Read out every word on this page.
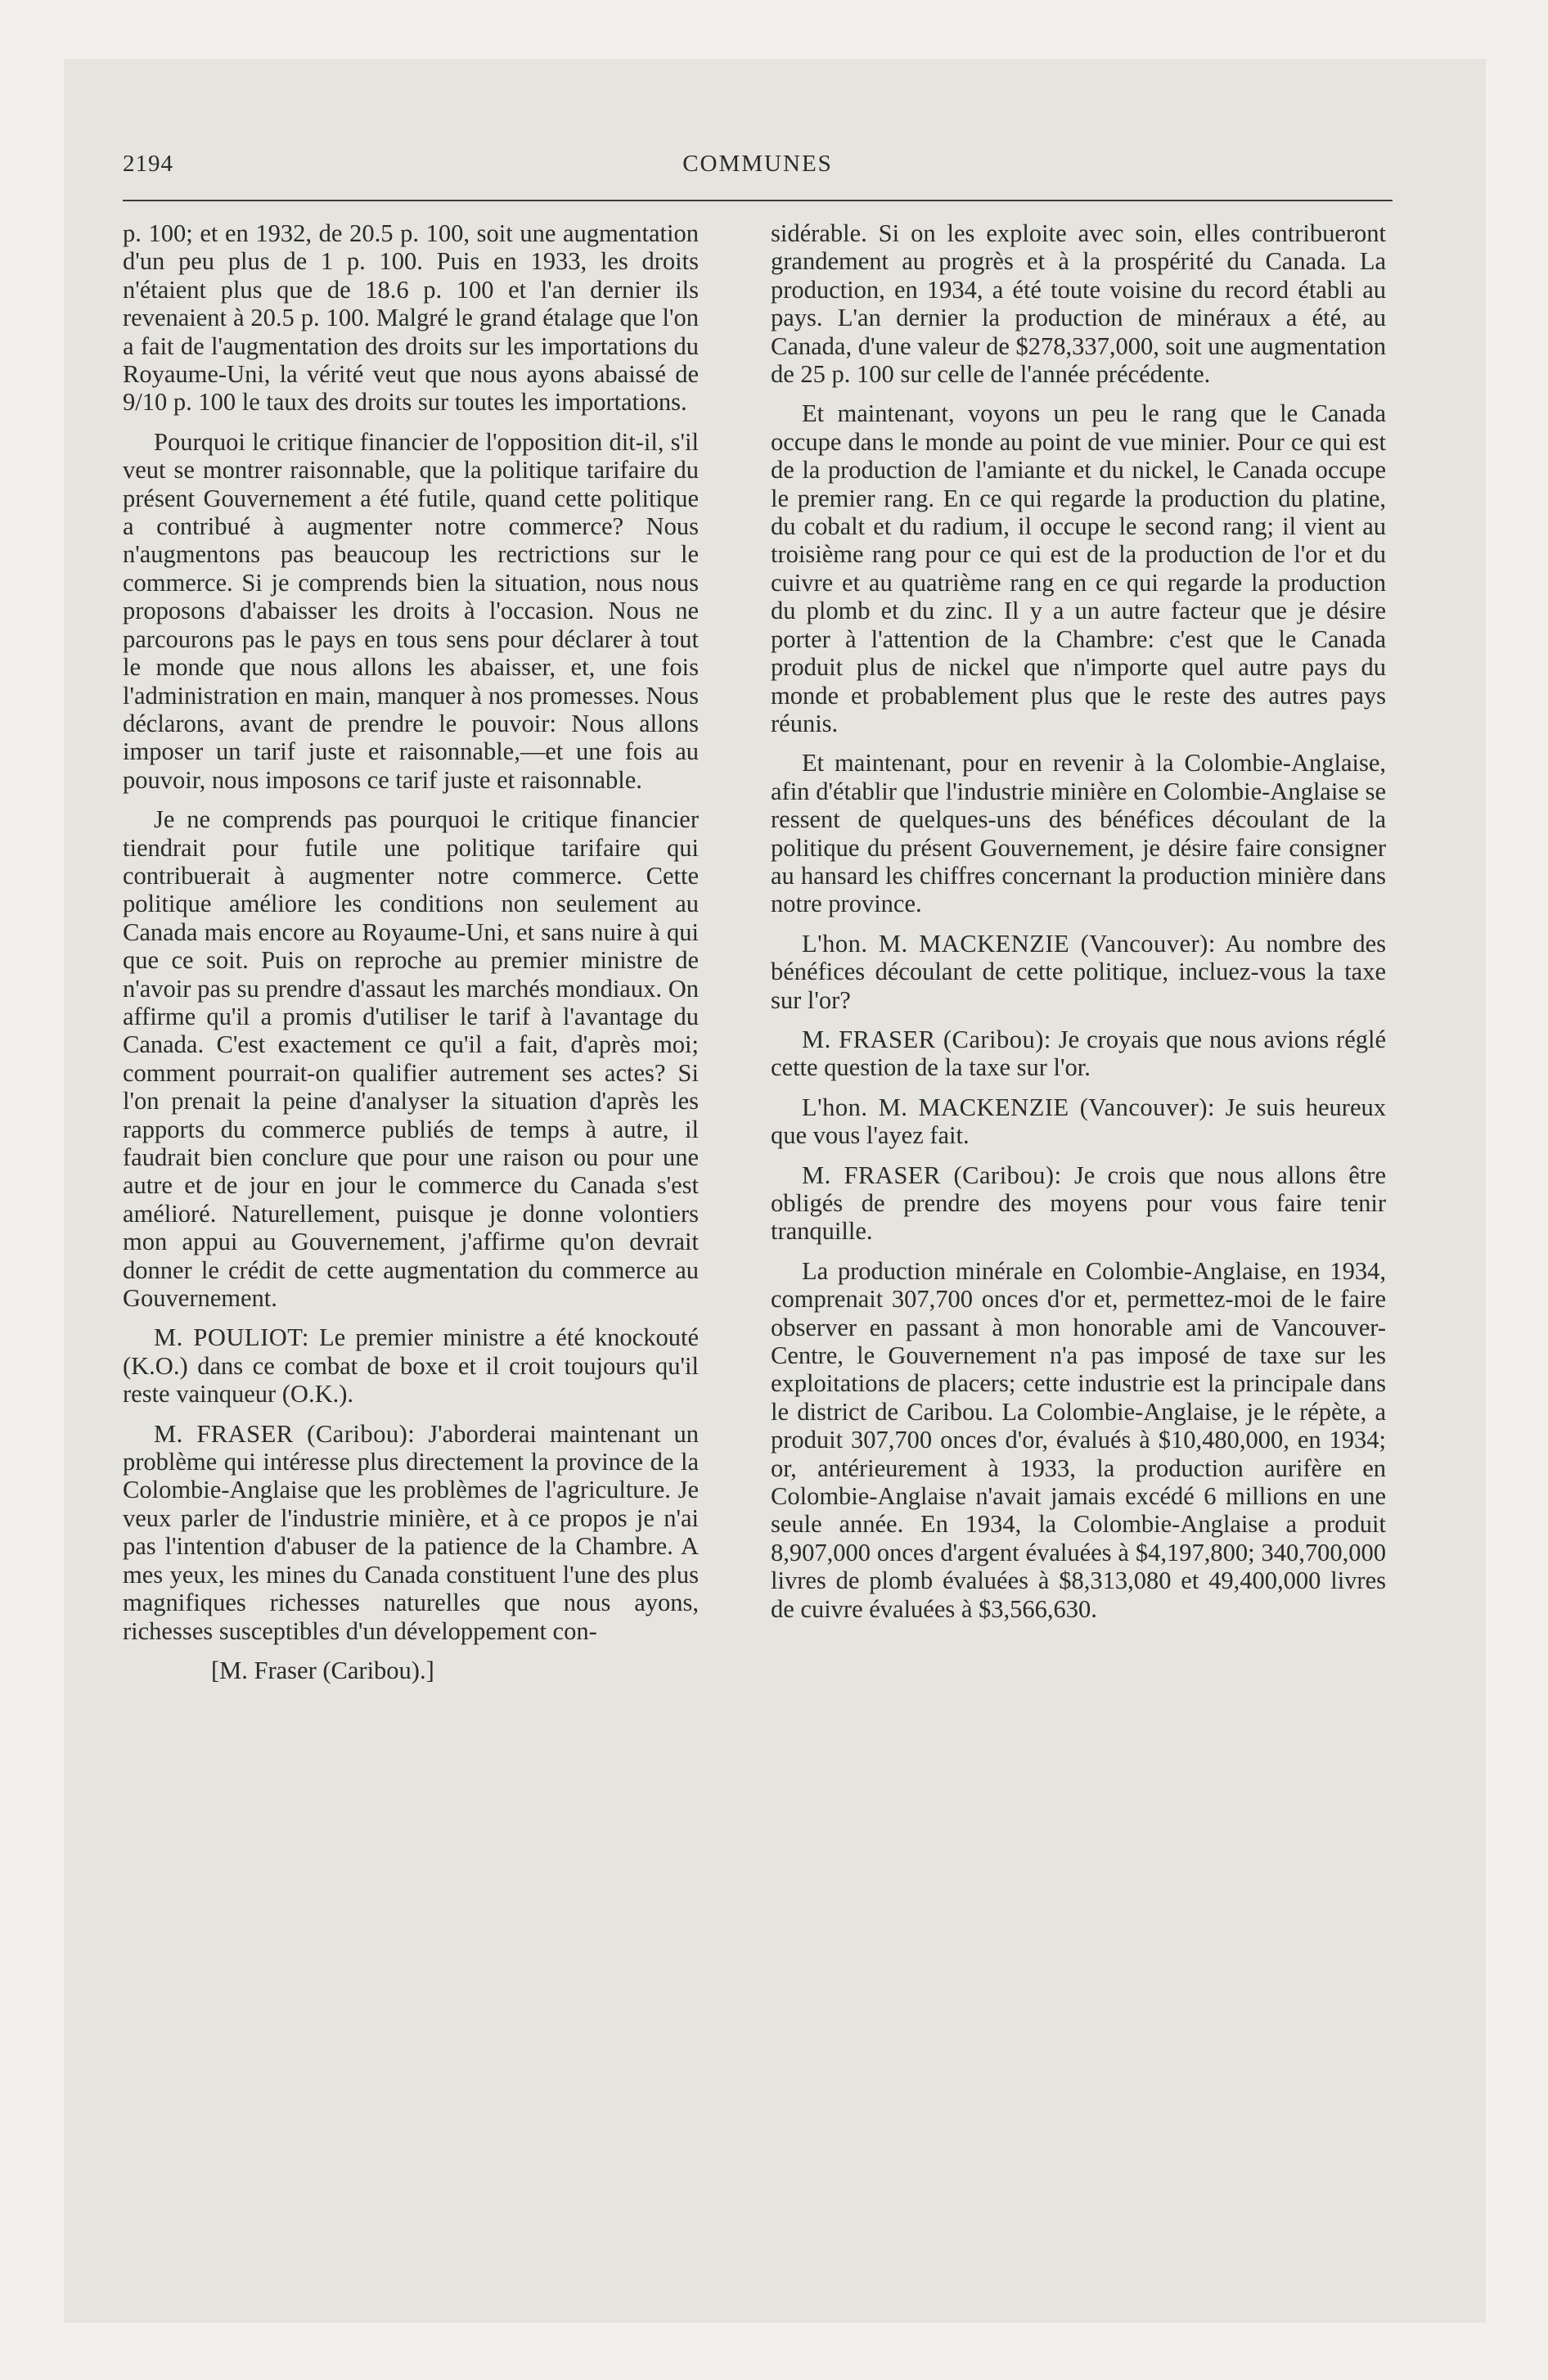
2194	COMMUNES

p. 100; et en 1932, de 20.5 p. 100, soit une augmentation d'un peu plus de 1 p. 100. Puis en 1933, les droits n'étaient plus que de 18.6 p. 100 et l'an dernier ils revenaient à 20.5 p. 100. Malgré le grand étalage que l'on a fait de l'augmentation des droits sur les importations du Royaume-Uni, la vérité veut que nous ayons abaissé de 9/10 p. 100 le taux des droits sur toutes les importations.

Pourquoi le critique financier de l'opposition dit-il, s'il veut se montrer raisonnable, que la politique tarifaire du présent Gouvernement a été futile, quand cette politique a contribué à augmenter notre commerce? Nous n'augmentons pas beaucoup les rectrictions sur le commerce. Si je comprends bien la situation, nous nous proposons d'abaisser les droits à l'occasion. Nous ne parcourons pas le pays en tous sens pour déclarer à tout le monde que nous allons les abaisser, et, une fois l'administration en main, manquer à nos promesses. Nous déclarons, avant de prendre le pouvoir: Nous allons imposer un tarif juste et raisonnable,—et une fois au pouvoir, nous imposons ce tarif juste et raisonnable.

Je ne comprends pas pourquoi le critique financier tiendrait pour futile une politique tarifaire qui contribuerait à augmenter notre commerce. Cette politique améliore les conditions non seulement au Canada mais encore au Royaume-Uni, et sans nuire à qui que ce soit. Puis on reproche au premier ministre de n'avoir pas su prendre d'assaut les marchés mondiaux. On affirme qu'il a promis d'utiliser le tarif à l'avantage du Canada. C'est exactement ce qu'il a fait, d'après moi; comment pourrait-on qualifier autrement ses actes? Si l'on prenait la peine d'analyser la situation d'après les rapports du commerce publiés de temps à autre, il faudrait bien conclure que pour une raison ou pour une autre et de jour en jour le commerce du Canada s'est amélioré. Naturellement, puisque je donne volontiers mon appui au Gouvernement, j'affirme qu'on devrait donner le crédit de cette augmentation du commerce au Gouvernement.

M. POULIOT: Le premier ministre a été knockouté (K.O.) dans ce combat de boxe et il croit toujours qu'il reste vainqueur (O.K.).

M. FRASER (Caribou): J'aborderai maintenant un problème qui intéresse plus directement la province de la Colombie-Anglaise que les problèmes de l'agriculture. Je veux parler de l'industrie minière, et à ce propos je n'ai pas l'intention d'abuser de la patience de la Chambre. A mes yeux, les mines du Canada constituent l'une des plus magnifiques richesses naturelles que nous ayons, richesses susceptibles d'un développement con-

[M. Fraser (Caribou).]

sidérable. Si on les exploite avec soin, elles contribueront grandement au progrès et à la prospérité du Canada. La production, en 1934, a été toute voisine du record établi au pays. L'an dernier la production de minéraux a été, au Canada, d'une valeur de $278,337,000, soit une augmentation de 25 p. 100 sur celle de l'année précédente.

Et maintenant, voyons un peu le rang que le Canada occupe dans le monde au point de vue minier. Pour ce qui est de la production de l'amiante et du nickel, le Canada occupe le premier rang. En ce qui regarde la production du platine, du cobalt et du radium, il occupe le second rang; il vient au troisième rang pour ce qui est de la production de l'or et du cuivre et au quatrième rang en ce qui regarde la production du plomb et du zinc. Il y a un autre facteur que je désire porter à l'attention de la Chambre: c'est que le Canada produit plus de nickel que n'importe quel autre pays du monde et probablement plus que le reste des autres pays réunis.

Et maintenant, pour en revenir à la Colombie-Anglaise, afin d'établir que l'industrie minière en Colombie-Anglaise se ressent de quelques-uns des bénéfices découlant de la politique du présent Gouvernement, je désire faire consigner au hansard les chiffres concernant la production minière dans notre province.

L'hon. M. MACKENZIE (Vancouver): Au nombre des bénéfices découlant de cette politique, incluez-vous la taxe sur l'or?

M. FRASER (Caribou): Je croyais que nous avions réglé cette question de la taxe sur l'or.

L'hon. M. MACKENZIE (Vancouver): Je suis heureux que vous l'ayez fait.

M. FRASER (Caribou): Je crois que nous allons être obligés de prendre des moyens pour vous faire tenir tranquille.

La production minérale en Colombie-Anglaise, en 1934, comprenait 307,700 onces d'or et, permettez-moi de le faire observer en passant à mon honorable ami de Vancouver-Centre, le Gouvernement n'a pas imposé de taxe sur les exploitations de placers; cette industrie est la principale dans le district de Caribou. La Colombie-Anglaise, je le répète, a produit 307,700 onces d'or, évalués à $10,480,000, en 1934; or, antérieurement à 1933, la production aurifère en Colombie-Anglaise n'avait jamais excédé 6 millions en une seule année. En 1934, la Colombie-Anglaise a produit 8,907,000 onces d'argent évaluées à $4,197,800; 340,700,000 livres de plomb évaluées à $8,313,080 et 49,400,000 livres de cuivre évaluées à $3,566,630.
